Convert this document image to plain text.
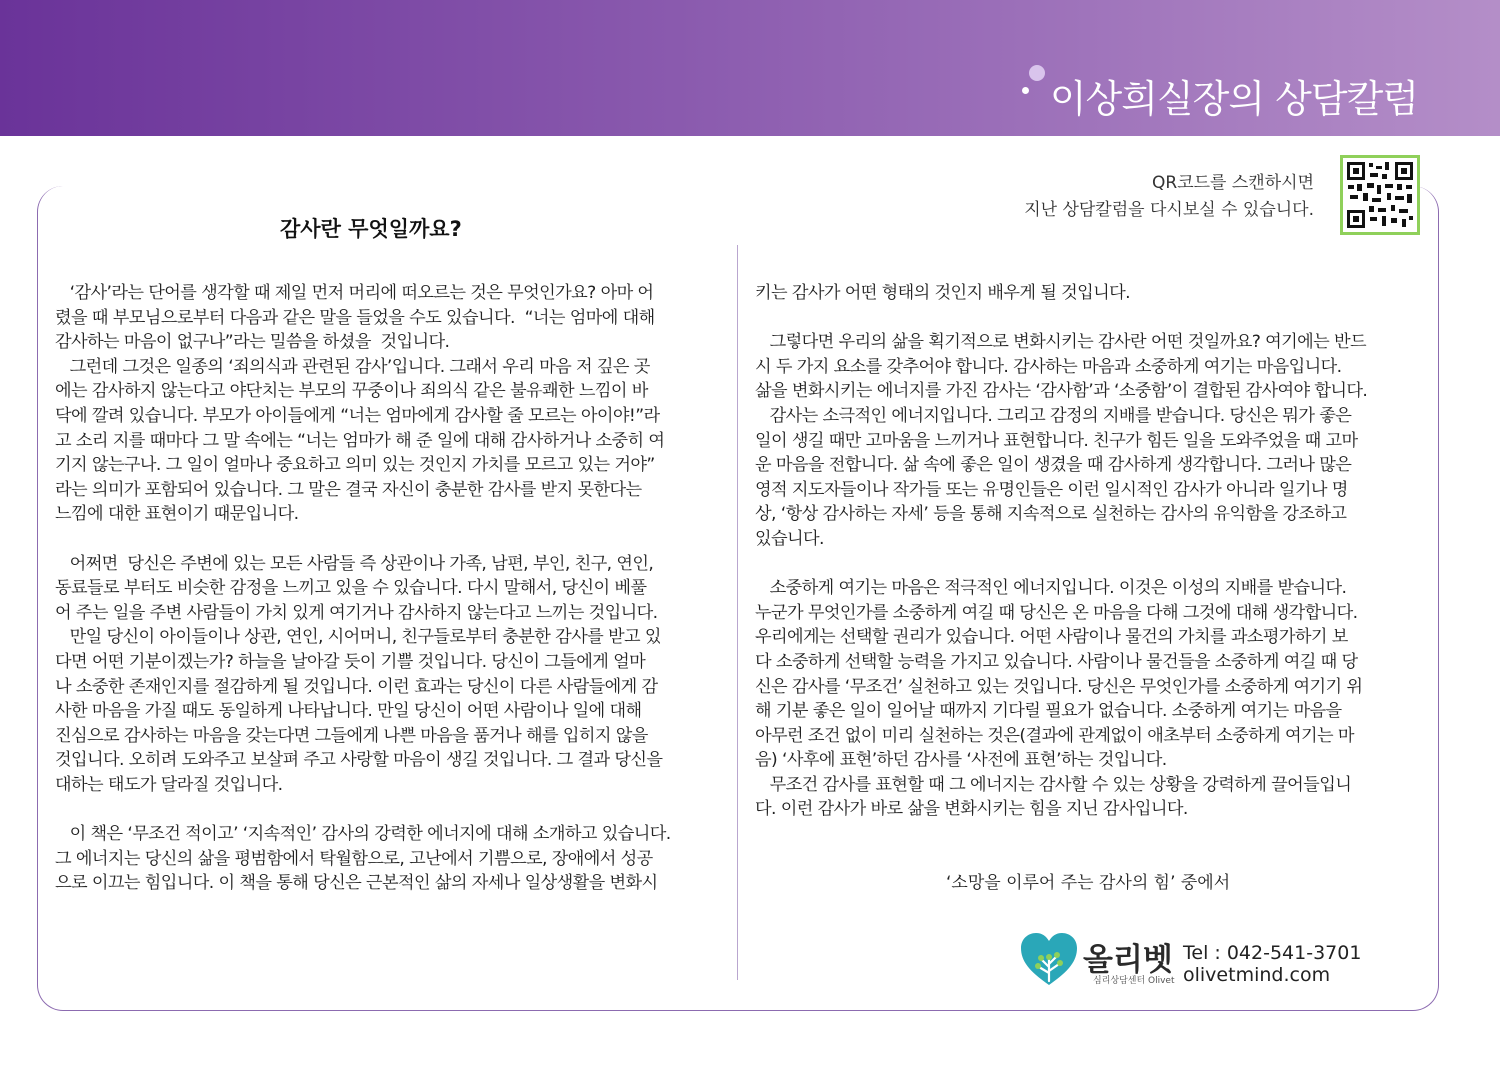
이상희실장의 상담칼럼
QR코드를 스캔하시면
지난 상담칼럼을 다시보실 수 있습니다.
감사란 무엇일까요?

‘감사’라는 단어를 생각할 때 제일 먼저 머리에 떠오르는 것은 무엇인가요? 아마 어

렸을 때 부모님으로부터 다음과 같은 말을 들었을 수도 있습니다.  “너는 엄마에 대해

감사하는 마음이 없구나”라는 밀씀을 하셨을  것입니다.

그런데 그것은 일종의 ‘죄의식과 관련된 감사’입니다. 그래서 우리 마음 저 깊은 곳

에는 감사하지 않는다고 야단치는 부모의 꾸중이나 죄의식 같은 불유쾌한 느낌이 바

닥에 깔려 있습니다. 부모가 아이들에게 “너는 엄마에게 감사할 줄 모르는 아이야!”라

고 소리 지를 때마다 그 말 속에는 “너는 엄마가 해 준 일에 대해 감사하거나 소중히 여

기지 않는구나. 그 일이 얼마나 중요하고 의미 있는 것인지 가치를 모르고 있는 거야”

라는 의미가 포함되어 있습니다. 그 말은 결국 자신이 충분한 감사를 받지 못한다는

느낌에 대한 표현이기 때문입니다.

어쩌면  당신은 주변에 있는 모든 사람들 즉 상관이나 가족, 남편, 부인, 친구, 연인,

동료들로 부터도 비슷한 감정을 느끼고 있을 수 있습니다. 다시 말해서, 당신이 베풀

어 주는 일을 주변 사람들이 가치 있게 여기거나 감사하지 않는다고 느끼는 것입니다.

만일 당신이 아이들이나 상관, 연인, 시어머니, 친구들로부터 충분한 감사를 받고 있

다면 어떤 기분이겠는가? 하늘을 날아갈 듯이 기쁠 것입니다. 당신이 그들에게 얼마

나 소중한 존재인지를 절감하게 될 것입니다. 이런 효과는 당신이 다른 사람들에게 감

사한 마음을 가질 때도 동일하게 나타납니다. 만일 당신이 어떤 사람이나 일에 대해

진심으로 감사하는 마음을 갖는다면 그들에게 나쁜 마음을 품거나 해를 입히지 않을

것입니다. 오히려 도와주고 보살펴 주고 사랑할 마음이 생길 것입니다. 그 결과 당신을

대하는 태도가 달라질 것입니다.

이 책은 ‘무조건 적이고’ ‘지속적인’ 감사의 강력한 에너지에 대해 소개하고 있습니다.

그 에너지는 당신의 삶을 평범함에서 탁월함으로, 고난에서 기쁨으로, 장애에서 성공

으로 이끄는 힘입니다. 이 책을 통해 당신은 근본적인 삶의 자세나 일상생활을 변화시

키는 감사가 어떤 형태의 것인지 배우게 될 것입니다.

그렇다면 우리의 삶을 획기적으로 변화시키는 감사란 어떤 것일까요? 여기에는 반드

시 두 가지 요소를 갖추어야 합니다. 감사하는 마음과 소중하게 여기는 마음입니다.

삶을 변화시키는 에너지를 가진 감사는 ‘감사함’과 ‘소중함’이 결합된 감사여야 합니다.

감사는 소극적인 에너지입니다. 그리고 감정의 지배를 받습니다. 당신은 뭐가 좋은

일이 생길 때만 고마움을 느끼거나 표현합니다. 친구가 힘든 일을 도와주었을 때 고마

운 마음을 전합니다. 삶 속에 좋은 일이 생겼을 때 감사하게 생각합니다. 그러나 많은

영적 지도자들이나 작가들 또는 유명인들은 이런 일시적인 감사가 아니라 일기나 명

상, ‘항상 감사하는 자세’ 등을 통해 지속적으로 실천하는 감사의 유익함을 강조하고

있습니다.

소중하게 여기는 마음은 적극적인 에너지입니다. 이것은 이성의 지배를 받습니다.

누군가 무엇인가를 소중하게 여길 때 당신은 온 마음을 다해 그것에 대해 생각합니다.

우리에게는 선택할 권리가 있습니다. 어떤 사람이나 물건의 가치를 과소평가하기 보

다 소중하게 선택할 능력을 가지고 있습니다. 사람이나 물건들을 소중하게 여길 때 당

신은 감사를 ‘무조건’ 실천하고 있는 것입니다. 당신은 무엇인가를 소중하게 여기기 위

해 기분 좋은 일이 일어날 때까지 기다릴 필요가 없습니다. 소중하게 여기는 마음을

아무런 조건 없이 미리 실천하는 것은(결과에 관계없이 애초부터 소중하게 여기는 마

음) ‘사후에 표현’하던 감사를 ‘사전에 표현’하는 것입니다.

무조건 감사를 표현할 때 그 에너지는 감사할 수 있는 상황을 강력하게 끌어들입니

다. 이런 감사가 바로 삶을 변화시키는 힘을 지닌 감사입니다.

‘소망을 이루어 주는 감사의 힘’ 중에서
올리벳
심리상담센터 Olivet
Tel : 042-541-3701
olivetmind.com
